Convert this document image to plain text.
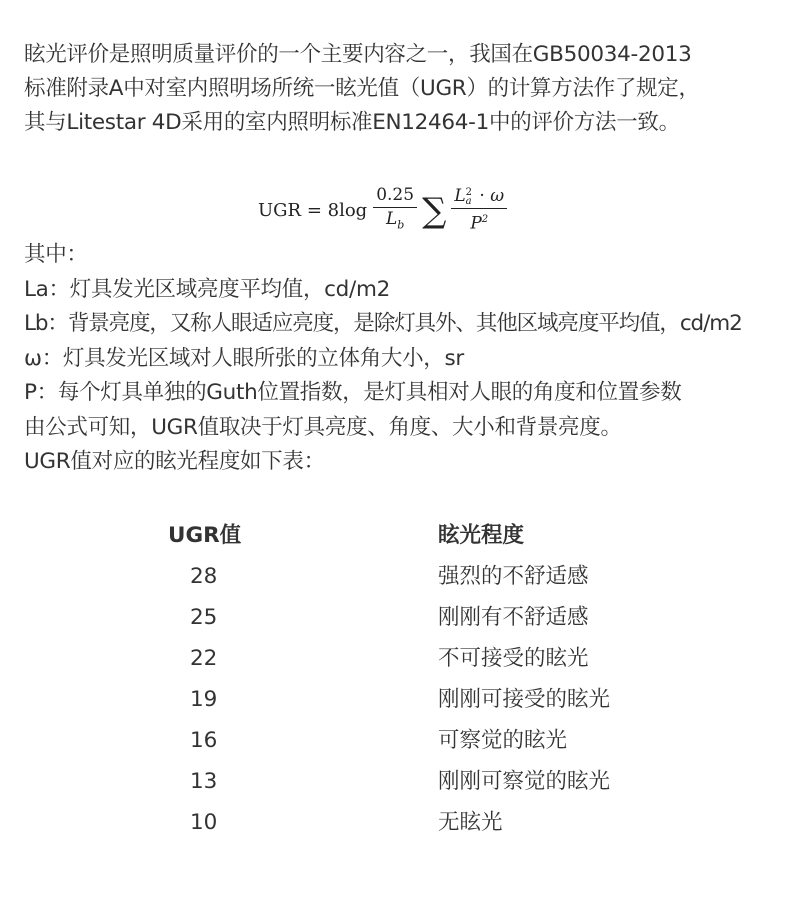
眩光评价是照明质量评价的一个主要内容之一，我国在GB50034-2013

标准附录A中对室内照明场所统一眩光值（UGR）的计算方法作了规定，

其与Litestar 4D采用的室内照明标准EN12464-1中的评价方法一致。

UGR = $8\log \frac{0.25}{L_b}$ ∑ L 2
a · ω
$P^2$

其中：

La：灯具发光区域亮度平均值，cd/m2

Lb：背景亮度，又称人眼适应亮度，是除灯具外、其他区域亮度平均值，cd/m2

ω：灯具发光区域对人眼所张的立体角大小，sr

P：每个灯具单独的Guth位置指数，是灯具相对人眼的角度和位置参数

由公式可知，UGR值取决于灯具亮度、角度、大小和背景亮度。

UGR值对应的眩光程度如下表：

UGR值	眩光程度
28	强烈的不舒适感
25	刚刚有不舒适感
22	不可接受的眩光
19	刚刚可接受的眩光
16	可察觉的眩光
13	刚刚可察觉的眩光
10	无眩光
